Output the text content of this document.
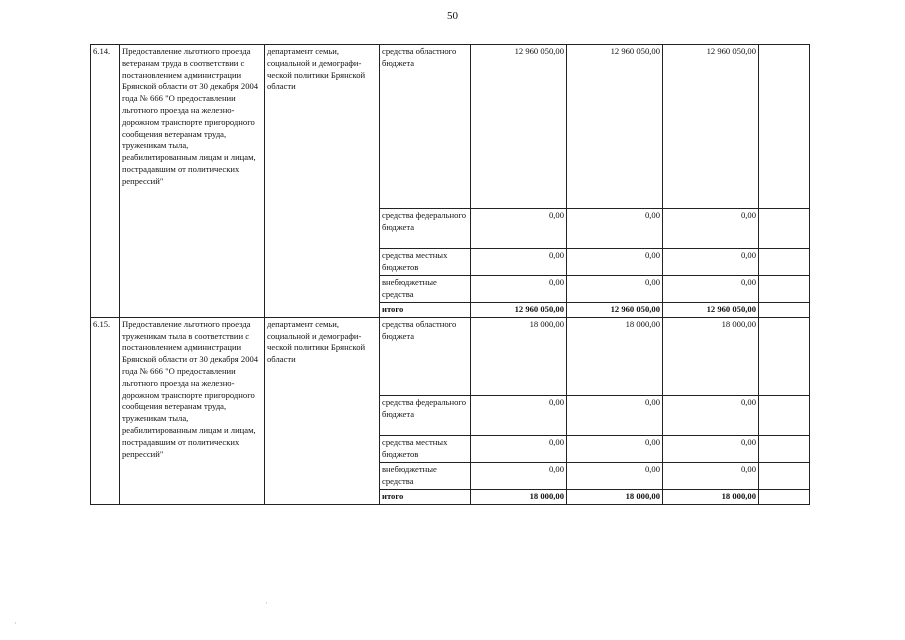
50
6.14.	Предоставление льготного проезда ветеранам труда в соответствии с постановлением администрации Брянской области от 30 декабря 2004 года № 666 "О предоставлении льготного проезда на железно-дорожном транспорте пригородного сообщения ветеранам труда, труженикам тыла, реабилитированным лицам и лицам, пострадавшим от политических репрессий"	департамент семьи, социальной и демографи-ческой политики Брянской области	средства областного бюджета	12 960 050,00	12 960 050,00	12 960 050,00	
			средства федерального бюджета	0,00	0,00	0,00	
			средства местных бюджетов	0,00	0,00	0,00	
			внебюджетные средства	0,00	0,00	0,00	
			итого	12 960 050,00	12 960 050,00	12 960 050,00	
6.15.	Предоставление льготного проезда труженикам тыла в соответствии с постановлением администрации Брянской области от 30 декабря 2004 года № 666 "О предоставлении льготного проезда на железно-дорожном транспорте пригородного сообщения ветеранам труда, труженикам тыла, реабилитированным лицам и лицам, пострадавшим от политических репрессий"	департамент семьи, социальной и демографи-ческой политики Брянской области	средства областного бюджета	18 000,00	18 000,00	18 000,00	
			средства федерального бюджета	0,00	0,00	0,00	
			средства местных бюджетов	0,00	0,00	0,00	
			внебюджетные средства	0,00	0,00	0,00	
			итого	18 000,00	18 000,00	18 000,00	
·
·
